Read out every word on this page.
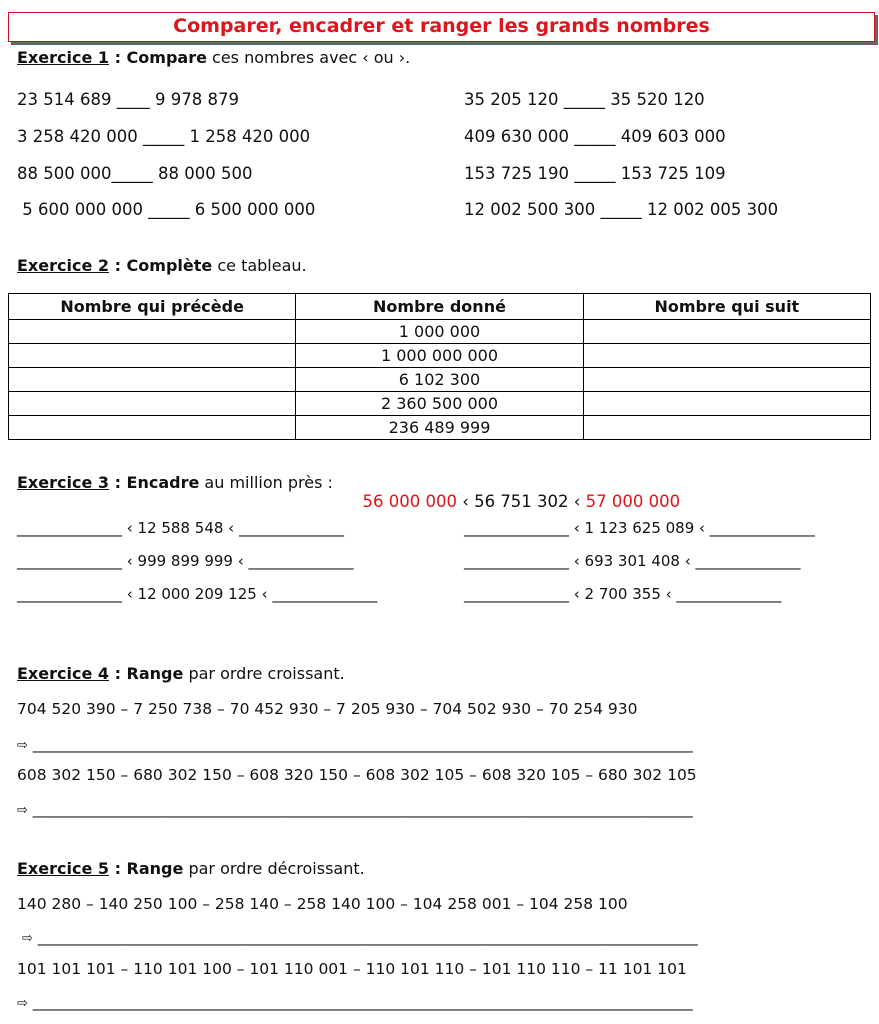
Comparer, encadrer et ranger les grands nombres
Exercice 1 : Compare ces nombres avec ‹ ou ›.
23 514 689 ____ 9 978 879
3 258 420 000 _____ 1 258 420 000
88 500 000_____ 88 000 500
5 600 000 000 _____ 6 500 000 000
35 205 120 _____ 35 520 120
409 630 000 _____ 409 603 000
153 725 190 _____ 153 725 109
12 002 500 300 _____ 12 002 005 300
Exercice 2 : Complète ce tableau.
Nombre qui précède	Nombre donné	Nombre qui suit
	1 000 000	
	1 000 000 000	
	6 102 300	
	2 360 500 000	
	236 489 999	
Exercice 3 : Encadre au million près :

56 000 000 ‹ 56 751 302 ‹ 57 000 000

______________ ‹ 12 588 548 ‹ ______________
______________ ‹ 999 899 999 ‹ ______________
______________ ‹ 12 000 209 125 ‹ ______________
______________ ‹ 1 123 625 089 ‹ ______________
______________ ‹ 693 301 408 ‹ ______________
______________ ‹ 2 700 355 ‹ ______________
Exercice 4 : Range par ordre croissant.
704 520 390 – 7 250 738 – 70 452 930 – 7 205 930 – 704 502 930 – 70 254 930
⇨ ________________________________________________________________________________________
608 302 150 – 680 302 150 – 608 320 150 – 608 302 105 – 608 320 105 – 680 302 105
⇨ ________________________________________________________________________________________
Exercice 5 : Range par ordre décroissant.
140 280 – 140 250 100 – 258 140 – 258 140 100 – 104 258 001 – 104 258 100
⇨ ________________________________________________________________________________________
101 101 101 – 110 101 100 – 101 110 001 – 110 101 110 – 101 110 110 – 11 101 101
⇨ ________________________________________________________________________________________
